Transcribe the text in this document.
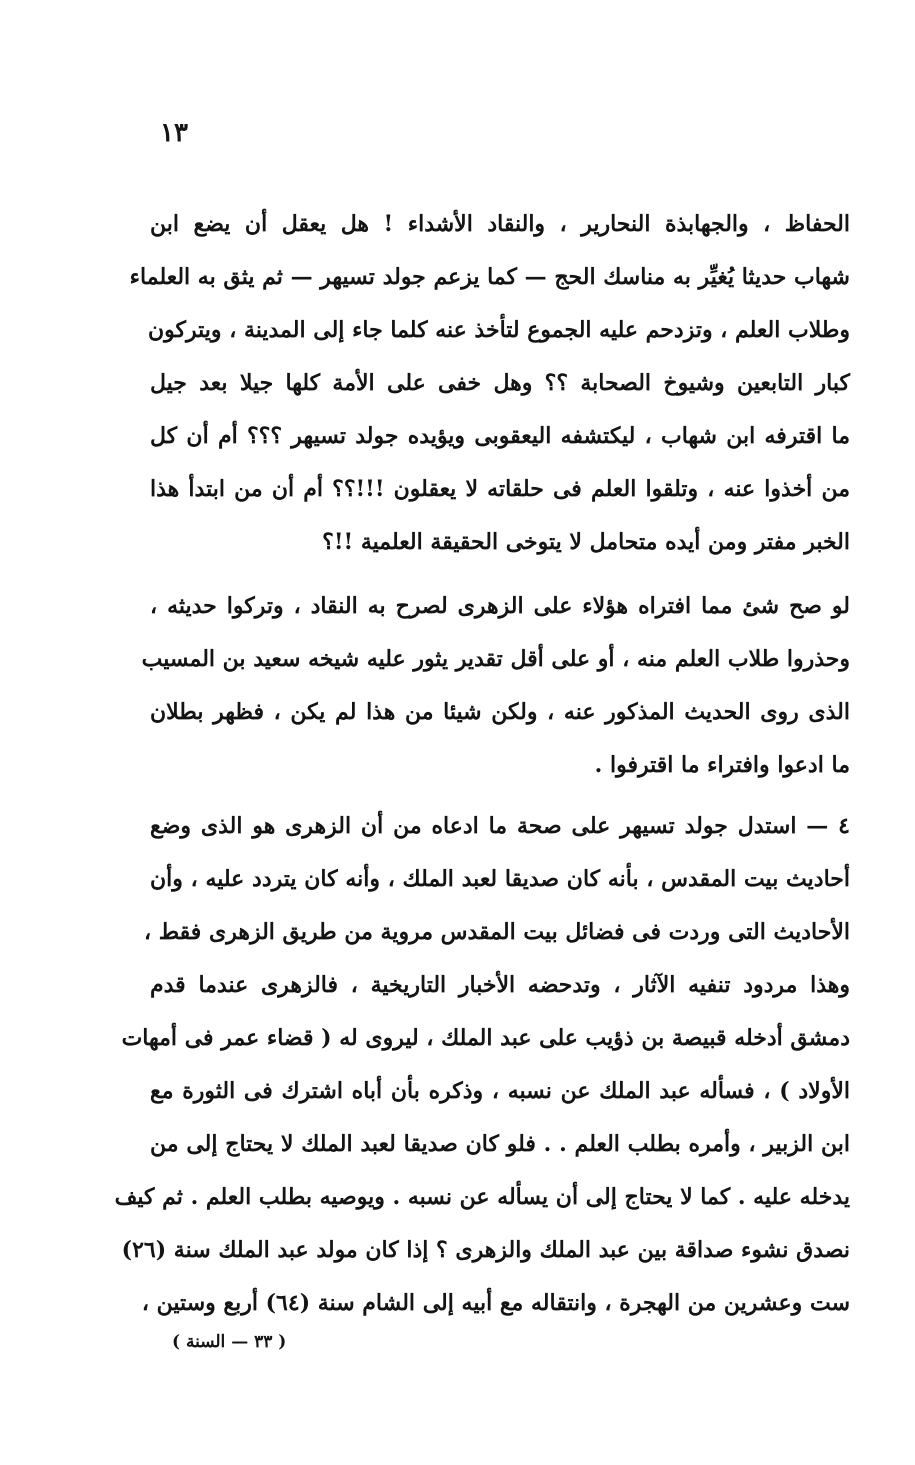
١٣
الحفاظ ، والجهابذة النحارير ، والنقاد الأشداء ! هل يعقل أن يضع ابن
شهاب حديثا يُغيِّر به مناسك الحج — كما يزعم جولد تسيهر — ثم يثق به العلماء
وطلاب العلم ، وتزدحم عليه الجموع لتأخذ عنه كلما جاء إلى المدينة ، ويتركون
كبار التابعين وشيوخ الصحابة ؟؟ وهل خفى على الأمة كلها جيلا بعد جيل
ما اقترفه ابن شهاب ، ليكتشفه اليعقوبى ويؤيده جولد تسيهر ؟؟؟ أم أن كل
من أخذوا عنه ، وتلقوا العلم فى حلقاته لا يعقلون !!!؟؟ أم أن من ابتدأ هذا
الخبر مفتر ومن أيده متحامل لا يتوخى الحقيقة العلمية !!؟
لو صح شئ مما افتراه هؤلاء على الزهرى لصرح به النقاد ، وتركوا حديثه ،
وحذروا طلاب العلم منه ، أو على أقل تقدير يثور عليه شيخه سعيد بن المسيب
الذى روى الحديث المذكور عنه ، ولكن شيئا من هذا لم يكن ، فظهر بطلان
ما ادعوا وافتراء ما اقترفوا .
٤ — استدل جولد تسيهر على صحة ما ادعاه من أن الزهرى هو الذى وضع
أحاديث بيت المقدس ، بأنه كان صديقا لعبد الملك ، وأنه كان يتردد عليه ، وأن
الأحاديث التى وردت فى فضائل بيت المقدس مروية من طريق الزهرى فقط ،
وهذا مردود تنفيه الآثار ، وتدحضه الأخبار التاريخية ، فالزهرى عندما قدم
دمشق أدخله قبيصة بن ذؤيب على عبد الملك ، ليروى له ( قضاء عمر فى أمهات
الأولاد ) ، فسأله عبد الملك عن نسبه ، وذكره بأن أباه اشترك فى الثورة مع
ابن الزبير ، وأمره بطلب العلم . . فلو كان صديقا لعبد الملك لا يحتاج إلى من
يدخله عليه . كما لا يحتاج إلى أن يسأله عن نسبه . ويوصيه بطلب العلم . ثم كيف
نصدق نشوء صداقة بين عبد الملك والزهرى ؟ إذا كان مولد عبد الملك سنة (٢٦)
ست وعشرين من الهجرة ، وانتقاله مع أبيه إلى الشام سنة (٦٤) أربع وستين ،
( ٣٣ — السنة )
